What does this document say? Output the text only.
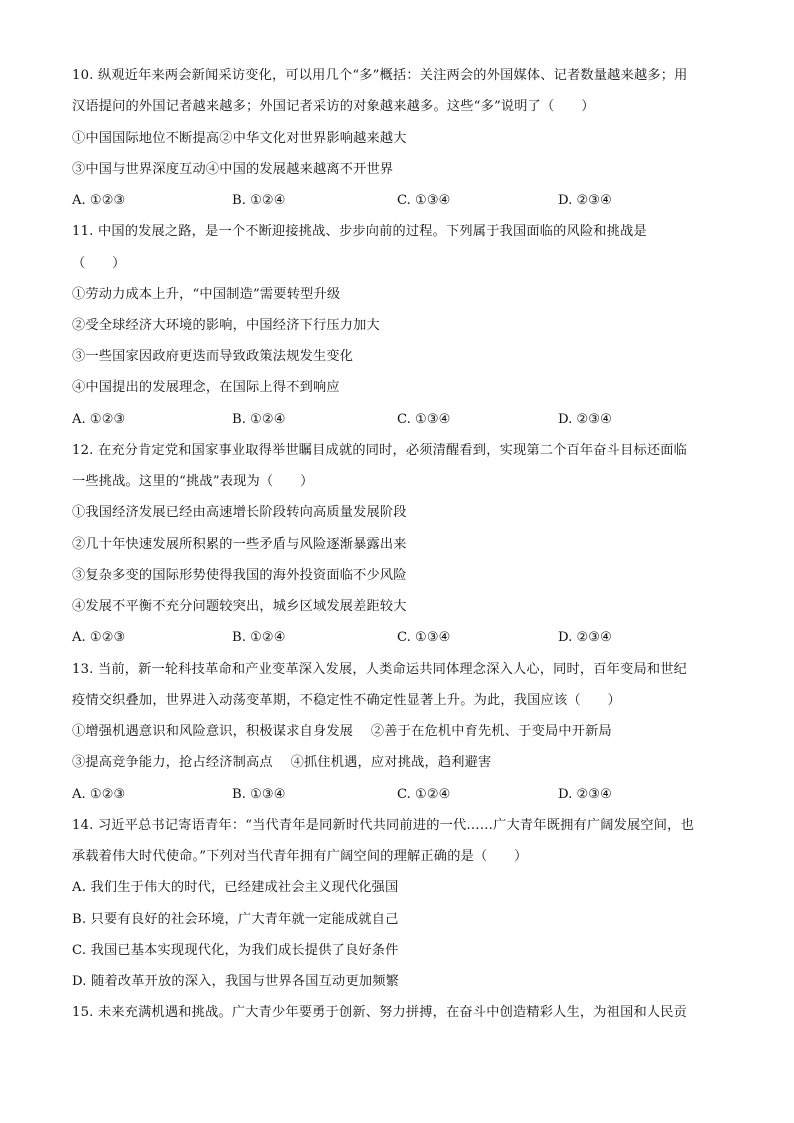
10. 纵观近年来两会新闻采访变化，可以用几个“多”概括：关注两会的外国媒体、记者数量越来越多；用
汉语提问的外国记者越来越多；外国记者采访的对象越来越多。这些“多”说明了（　　）
①中国国际地位不断提高②中华文化对世界影响越来越大
③中国与世界深度互动④中国的发展越来越离不开世界
A. ①②③	B. ①②④	C. ①③④	D. ②③④
11. 中国的发展之路，是一个不断迎接挑战、步步向前的过程。下列属于我国面临的风险和挑战是
（　　）
①劳动力成本上升，“中国制造”需要转型升级
②受全球经济大环境的影响，中国经济下行压力加大
③一些国家因政府更迭而导致政策法规发生变化
④中国提出的发展理念，在国际上得不到响应
A. ①②③	B. ①②④	C. ①③④	D. ②③④
12. 在充分肯定党和国家事业取得举世瞩目成就的同时，必须清醒看到，实现第二个百年奋斗目标还面临
一些挑战。这里的“挑战”表现为（　　）
①我国经济发展已经由高速增长阶段转向高质量发展阶段
②几十年快速发展所积累的一些矛盾与风险逐渐暴露出来
③复杂多变的国际形势使得我国的海外投资面临不少风险
④发展不平衡不充分问题较突出，城乡区域发展差距较大
A. ①②③	B. ①②④	C. ①③④	D. ②③④
13. 当前，新一轮科技革命和产业变革深入发展，人类命运共同体理念深入人心，同时，百年变局和世纪
疫情交织叠加，世界进入动荡变革期，不稳定性不确定性显著上升。为此，我国应该（　　）
①增强机遇意识和风险意识，积极谋求自身发展　 ②善于在危机中育先机、于变局中开新局
③提高竞争能力，抢占经济制高点　 ④抓住机遇，应对挑战，趋利避害
A. ①②③	B. ①③④	C. ①②④	D. ②③④
14. 习近平总书记寄语青年：“当代青年是同新时代共同前进的一代……广大青年既拥有广阔发展空间，也
承载着伟大时代使命。”下列对当代青年拥有广阔空间的理解正确的是（　　）
A. 我们生于伟大的时代，已经建成社会主义现代化强国
B. 只要有良好的社会环境，广大青年就一定能成就自己
C. 我国已基本实现现代化，为我们成长提供了良好条件
D. 随着改革开放的深入，我国与世界各国互动更加频繁
15. 未来充满机遇和挑战。广大青少年要勇于创新、努力拼搏，在奋斗中创造精彩人生，为祖国和人民贡
